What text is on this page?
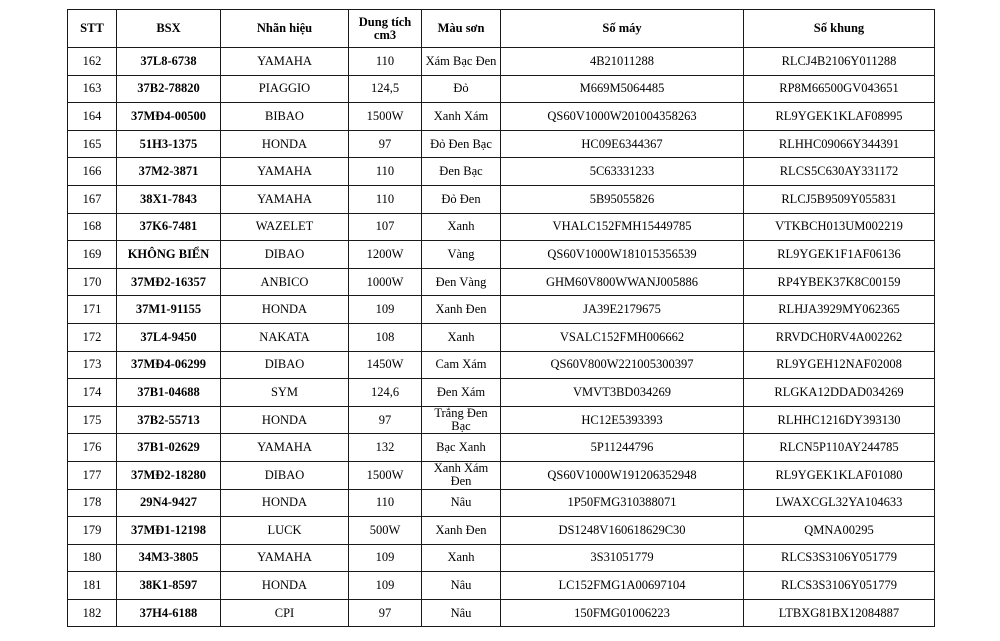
STT	BSX	Nhãn hiệu	Dung tích cm3	Màu sơn	Số máy	Số khung
162	37L8-6738	YAMAHA	110	Xám Bạc Đen	4B21011288	RLCJ4B2106Y011288
163	37B2-78820	PIAGGIO	124,5	Đỏ	M669M5064485	RP8M66500GV043651
164	37MĐ4-00500	BIBAO	1500W	Xanh Xám	QS60V1000W201004358263	RL9YGEK1KLAF08995
165	51H3-1375	HONDA	97	Đỏ Đen Bạc	HC09E6344367	RLHHC09066Y344391
166	37M2-3871	YAMAHA	110	Đen Bạc	5C63331233	RLCS5C630AY331172
167	38X1-7843	YAMAHA	110	Đỏ Đen	5B95055826	RLCJ5B9509Y055831
168	37K6-7481	WAZELET	107	Xanh	VHALC152FMH15449785	VTKBCH013UM002219
169	KHÔNG BIỂN	DIBAO	1200W	Vàng	QS60V1000W181015356539	RL9YGEK1F1AF06136
170	37MĐ2-16357	ANBICO	1000W	Đen Vàng	GHM60V800WWANJ005886	RP4YBEK37K8C00159
171	37M1-91155	HONDA	109	Xanh Đen	JA39E2179675	RLHJA3929MY062365
172	37L4-9450	NAKATA	108	Xanh	VSALC152FMH006662	RRVDCH0RV4A002262
173	37MĐ4-06299	DIBAO	1450W	Cam Xám	QS60V800W221005300397	RL9YGEH12NAF02008
174	37B1-04688	SYM	124,6	Đen Xám	VMVT3BD034269	RLGKA12DDAD034269
175	37B2-55713	HONDA	97	Trắng Đen Bạc	HC12E5393393	RLHHC1216DY393130
176	37B1-02629	YAMAHA	132	Bạc Xanh	5P11244796	RLCN5P110AY244785
177	37MĐ2-18280	DIBAO	1500W	Xanh Xám Đen	QS60V1000W191206352948	RL9YGEK1KLAF01080
178	29N4-9427	HONDA	110	Nâu	1P50FMG310388071	LWAXCGL32YA104633
179	37MĐ1-12198	LUCK	500W	Xanh Đen	DS1248V160618629C30	QMNA00295
180	34M3-3805	YAMAHA	109	Xanh	3S31051779	RLCS3S3106Y051779
181	38K1-8597	HONDA	109	Nâu	LC152FMG1A00697104	RLCS3S3106Y051779
182	37H4-6188	CPI	97	Nâu	150FMG01006223	LTBXG81BX12084887
